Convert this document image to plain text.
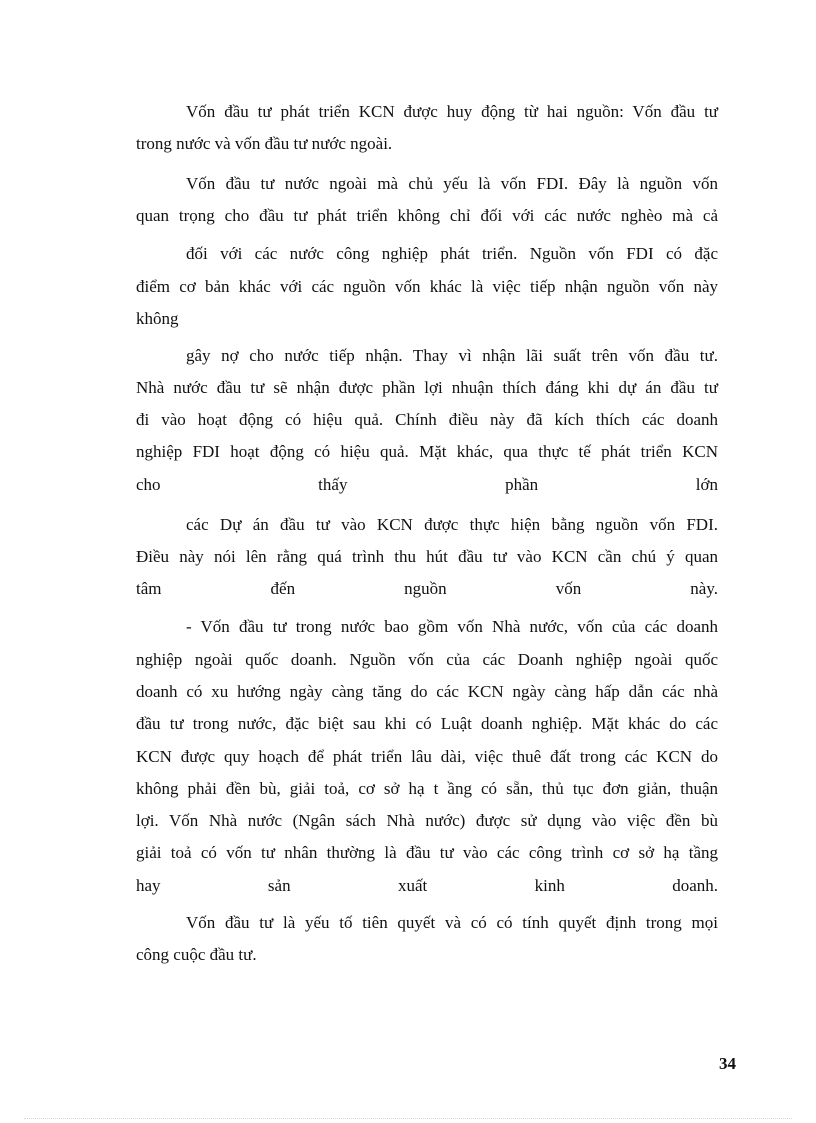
Vốn đầu tư phát triển KCN được huy động từ hai nguồn: Vốn đầu tư
trong nước và vốn đầu tư nước ngoài.
Vốn đầu tư nước ngoài mà chủ yếu là vốn FDI. Đây là nguồn vốn
quan trọng cho đầu tư phát triển không chỉ đối với các nước nghèo mà cả
đối với các nước công nghiệp phát triển. Nguồn vốn FDI có đặc
điểm cơ bản khác với các nguồn vốn khác là việc tiếp nhận nguồn vốn này
không
gây nợ cho nước tiếp nhận. Thay vì nhận lãi suất trên vốn đầu tư.
Nhà nước đầu tư sẽ nhận được phần lợi nhuận thích đáng khi dự án đầu tư
đi vào hoạt động có hiệu quả. Chính điều này đã kích thích các doanh
nghiệp FDI hoạt động có hiệu quả. Mặt khác, qua thực tế phát triển KCN
cho thấy phần lớn
các Dự án đầu tư vào KCN được thực hiện bằng nguồn vốn FDI.
Điều này nói lên rằng quá trình thu hút đầu tư vào KCN cần chú ý quan
tâm đến nguồn vốn này.
- Vốn đầu tư trong nước bao gồm vốn Nhà nước, vốn của các doanh
nghiệp ngoài quốc doanh. Nguồn vốn của các Doanh nghiệp ngoài quốc
doanh có xu hướng ngày càng tăng do các KCN ngày càng hấp dẫn các nhà
đầu tư trong nước, đặc biệt sau khi có Luật doanh nghiệp. Mặt khác do các
KCN được quy hoạch để phát triển lâu dài, việc thuê đất trong các KCN do
không phải đền bù, giải toả, cơ sở hạ t ầng có sẵn, thủ tục đơn giản, thuận
lợi. Vốn Nhà nước (Ngân sách Nhà nước) được sử dụng vào việc đền bù
giải toả có vốn tư nhân thường là đầu tư vào các công trình cơ sở hạ tầng
hay sản xuất kinh doanh.
Vốn đầu tư là yếu tố tiên quyết và có có tính quyết định trong mọi
công cuộc đầu tư.
34
